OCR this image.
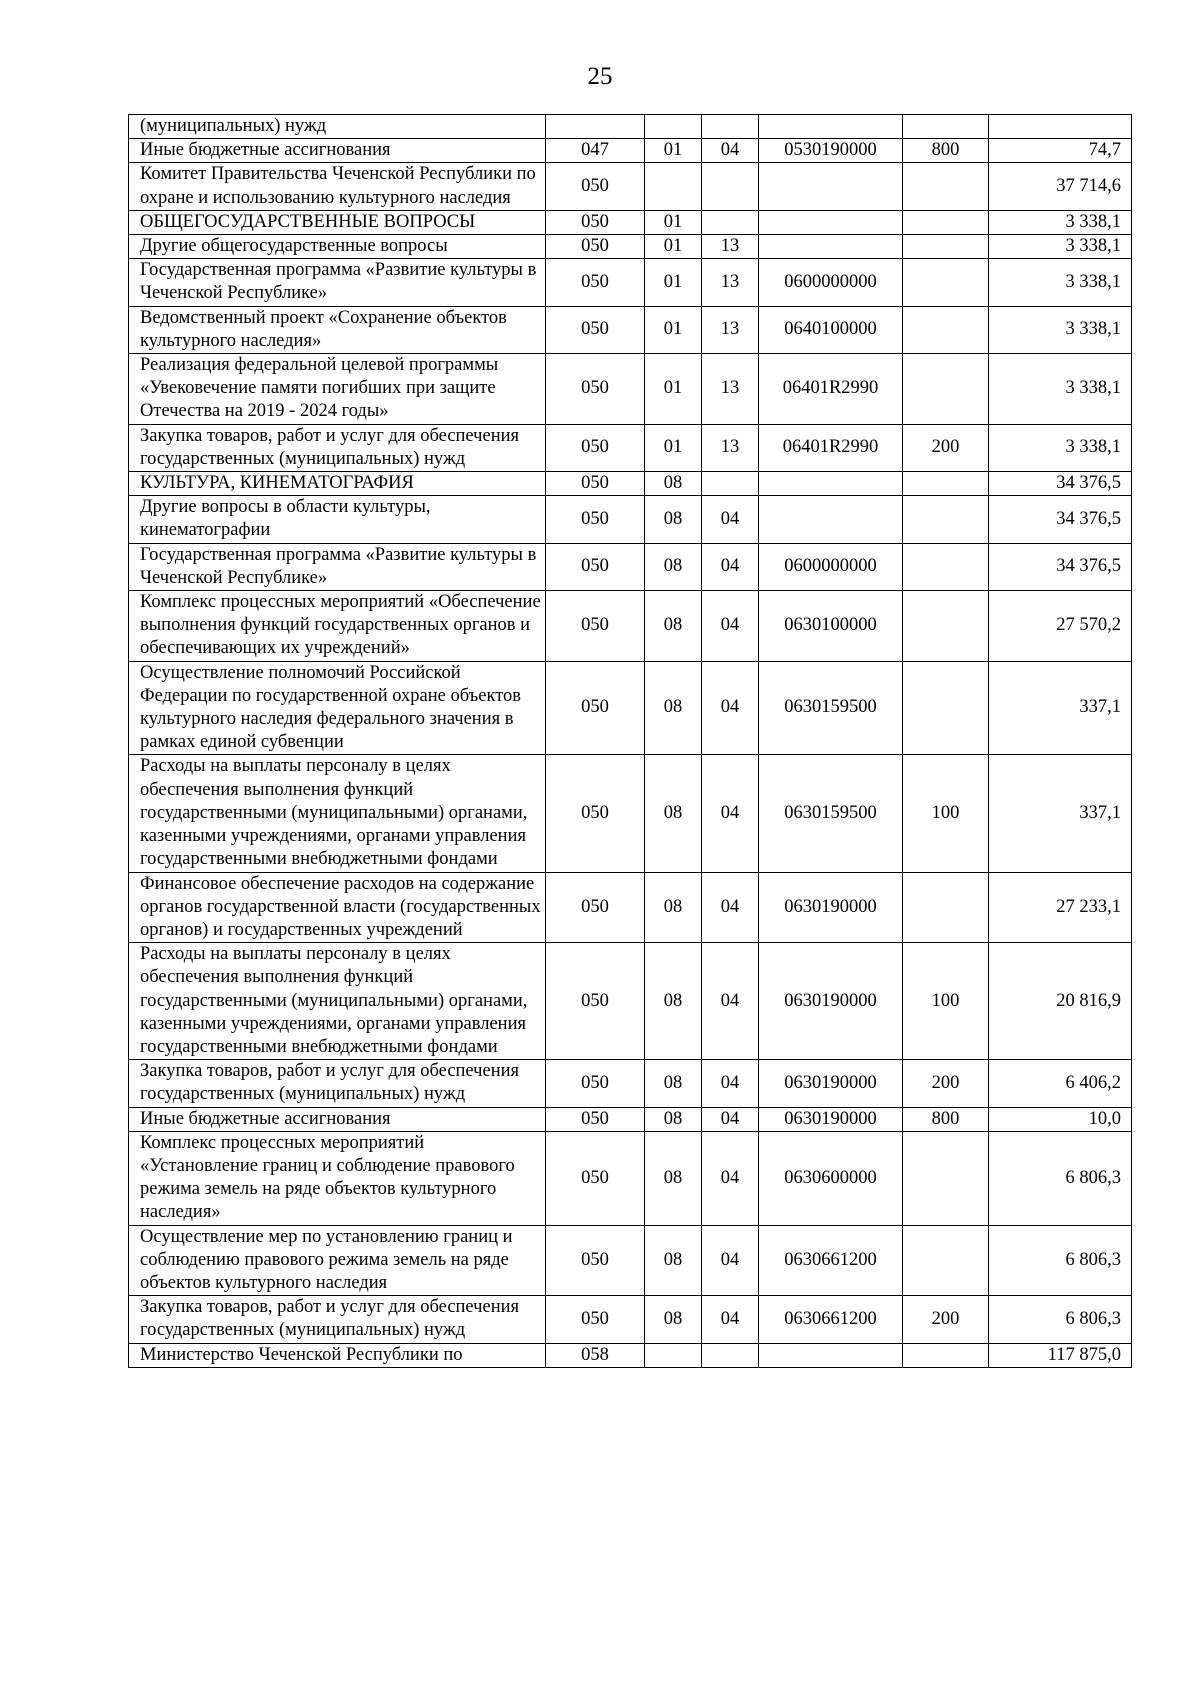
25
(муниципальных) нужд						
Иные бюджетные ассигнования	047	01	04	0530190000	800	74,7
Комитет Правительства Чеченской Республики по охране и использованию культурного наследия	050					37 714,6
ОБЩЕГОСУДАРСТВЕННЫЕ ВОПРОСЫ	050	01				3 338,1
Другие общегосударственные вопросы	050	01	13			3 338,1
Государственная программа «Развитие культуры в Чеченской Республике»	050	01	13	0600000000		3 338,1
Ведомственный проект «Сохранение объектов культурного наследия»	050	01	13	0640100000		3 338,1
Реализация федеральной целевой программы «Увековечение памяти погибших при защите Отечества на 2019 - 2024 годы»	050	01	13	06401R2990		3 338,1
Закупка товаров, работ и услуг для обеспечения государственных (муниципальных) нужд	050	01	13	06401R2990	200	3 338,1
КУЛЬТУРА, КИНЕМАТОГРАФИЯ	050	08				34 376,5
Другие вопросы в области культуры, кинематографии	050	08	04			34 376,5
Государственная программа «Развитие культуры в Чеченской Республике»	050	08	04	0600000000		34 376,5
Комплекс процессных мероприятий «Обеспечение выполнения функций государственных органов и обеспечивающих их учреждений»	050	08	04	0630100000		27 570,2
Осуществление полномочий Российской Федерации по государственной охране объектов культурного наследия федерального значения в рамках единой субвенции	050	08	04	0630159500		337,1
Расходы на выплаты персоналу в целях обеспечения выполнения функций государственными (муниципальными) органами, казенными учреждениями, органами управления государственными внебюджетными фондами	050	08	04	0630159500	100	337,1
Финансовое обеспечение расходов на содержание органов государственной власти (государственных органов) и государственных учреждений	050	08	04	0630190000		27 233,1
Расходы на выплаты персоналу в целях обеспечения выполнения функций государственными (муниципальными) органами, казенными учреждениями, органами управления государственными внебюджетными фондами	050	08	04	0630190000	100	20 816,9
Закупка товаров, работ и услуг для обеспечения государственных (муниципальных) нужд	050	08	04	0630190000	200	6 406,2
Иные бюджетные ассигнования	050	08	04	0630190000	800	10,0
Комплекс процессных мероприятий «Установление границ и соблюдение правового режима земель на ряде объектов культурного наследия»	050	08	04	0630600000		6 806,3
Осуществление мер по установлению границ и соблюдению правового режима земель на ряде объектов культурного наследия	050	08	04	0630661200		6 806,3
Закупка товаров, работ и услуг для обеспечения государственных (муниципальных) нужд	050	08	04	0630661200	200	6 806,3
Министерство Чеченской Республики по	058					117 875,0
